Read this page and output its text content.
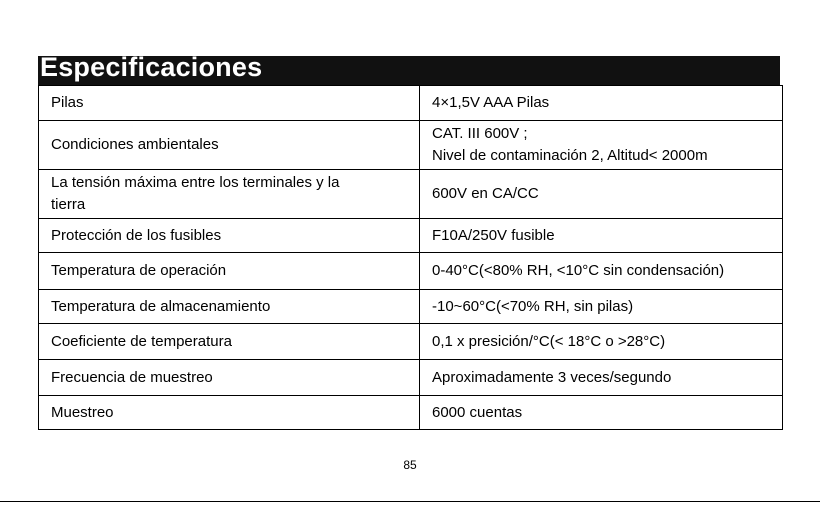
Especificaciones
Pilas	4×1,5V AAA Pilas

Condiciones ambientales	CAT. III 600V ;
Nivel de contaminación 2, Altitud< 2000m

La tensión máxima entre los terminales y la
tierra	600V en CA/CC

Protección de los fusibles	F10A/250V fusible

Temperatura de operación	0-40°C(<80% RH, <10°C sin condensación)

Temperatura de almacenamiento	-10~60°C(<70% RH, sin pilas)

Coeficiente de temperatura	0,1 x presición/°C(< 18°C o >28°C)

Frecuencia de muestreo	Aproximadamente 3 veces/segundo

Muestreo	6000 cuentas
85
